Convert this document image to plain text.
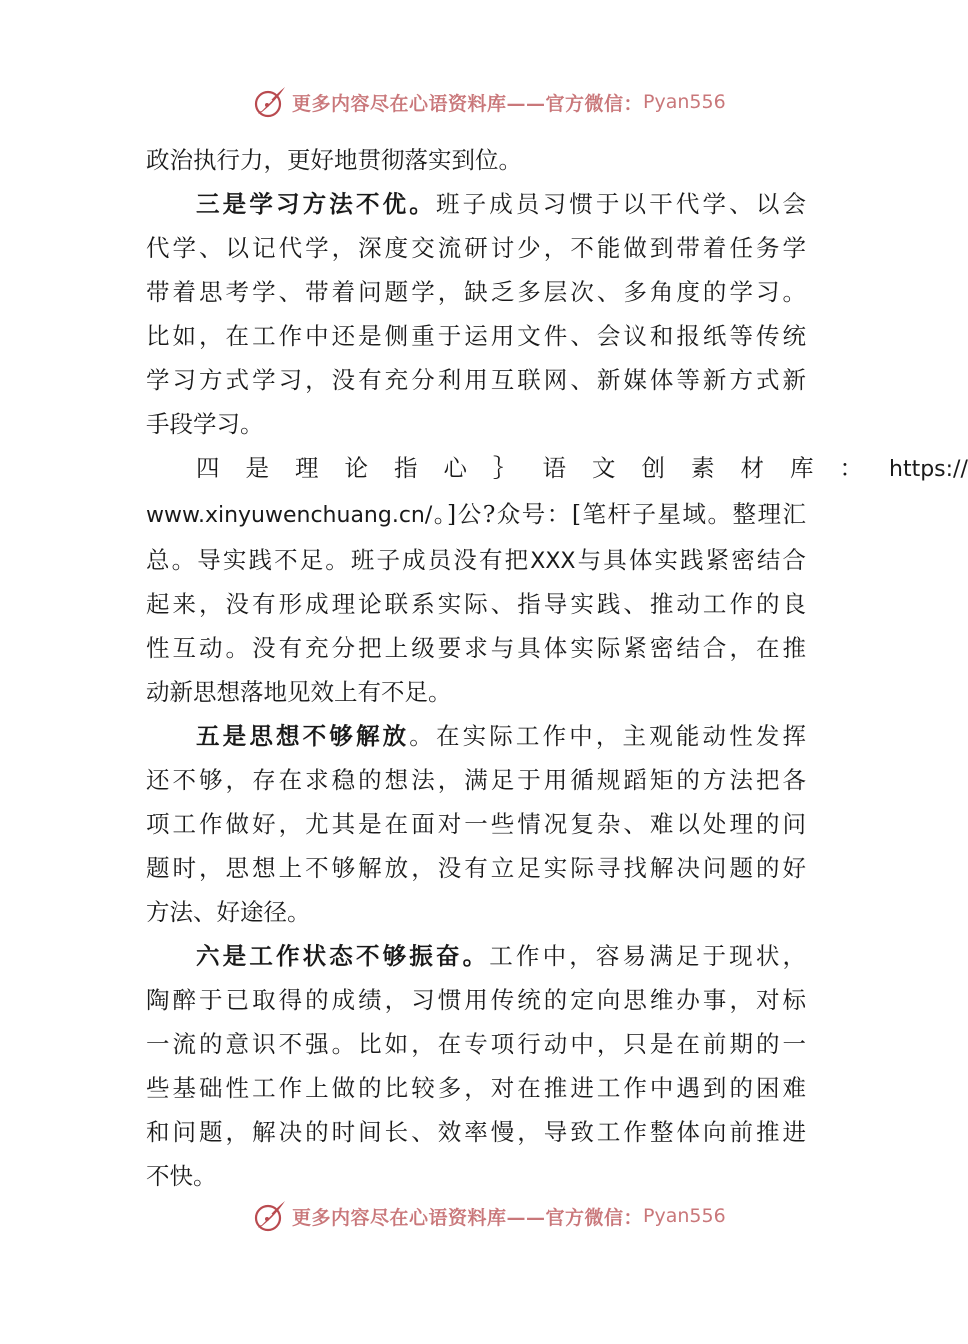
更多内容尽在心语资料库——官方微信： Pyan556
政治执行力，更好地贯彻落实到位。
三是学习方法不优。班子成员习惯于以干代学、以会
代学、以记代学，深度交流研讨少，不能做到带着任务学
带着思考学、带着问题学，缺乏多层次、多角度的学习。
比如，在工作中还是侧重于运用文件、会议和报纸等传统
学习方式学习，没有充分利用互联网、新媒体等新方式新
手段学习。
四是理论指心｝语文创素材库：https://
www.xinyuwenchuang.cn/。]公?众号：[笔杆子星域。整理汇
总。导实践不足。班子成员没有把XXX与具体实践紧密结合
起来，没有形成理论联系实际、指导实践、推动工作的良
性互动。没有充分把上级要求与具体实际紧密结合，在推
动新思想落地见效上有不足。
五是思想不够解放。在实际工作中，主观能动性发挥
还不够，存在求稳的想法，满足于用循规蹈矩的方法把各
项工作做好，尤其是在面对一些情况复杂、难以处理的问
题时，思想上不够解放，没有立足实际寻找解决问题的好
方法、好途径。
六是工作状态不够振奋。工作中，容易满足于现状，
陶醉于已取得的成绩，习惯用传统的定向思维办事，对标
一流的意识不强。比如，在专项行动中，只是在前期的一
些基础性工作上做的比较多，对在推进工作中遇到的困难
和问题，解决的时间长、效率慢，导致工作整体向前推进
不快。
更多内容尽在心语资料库——官方微信： Pyan556
